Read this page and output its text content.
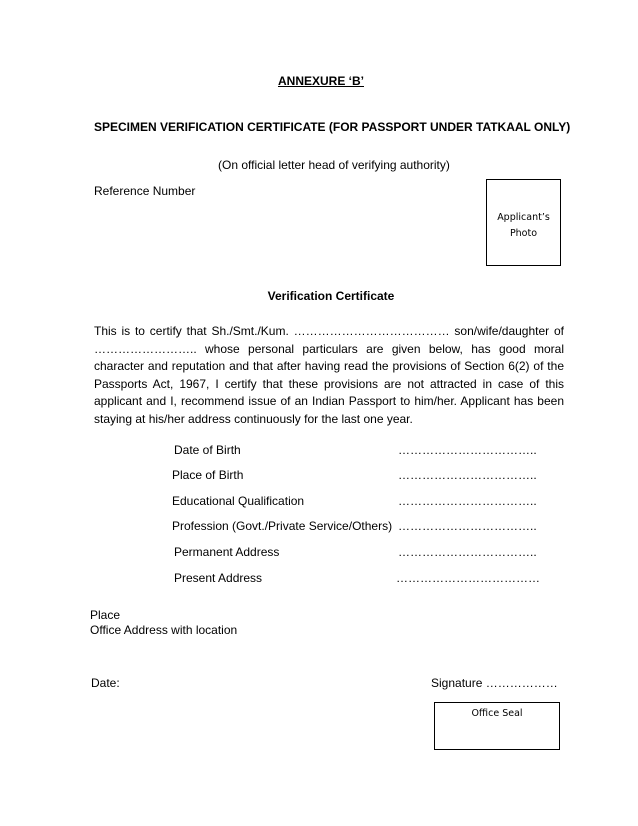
ANNEXURE ‘B’
SPECIMEN VERIFICATION CERTIFICATE (FOR PASSPORT UNDER TATKAAL ONLY)
(On official letter head of verifying authority)
Reference Number
Applicant’s
Photo
Verification Certificate
This is to certify that Sh./Smt./Kum. ………………………………… son/wife/daughter of …………………….. whose personal particulars are given below, has good moral character and reputation and that after having read the provisions of Section 6(2) of the Passports Act, 1967, I certify that these provisions are not attracted in case of this applicant and I, recommend issue of an Indian Passport to him/her. Applicant has been staying at his/her address continuously for the last one year.
Date of Birth	……………………………..
Place of Birth	……………………………..
Educational Qualification	……………………………..
Profession (Govt./Private Service/Others) ……………………………..
Permanent Address	……………………………..
Present Address	………………………………
Place
Office Address with location
Date:	Signature ………………
Office Seal
